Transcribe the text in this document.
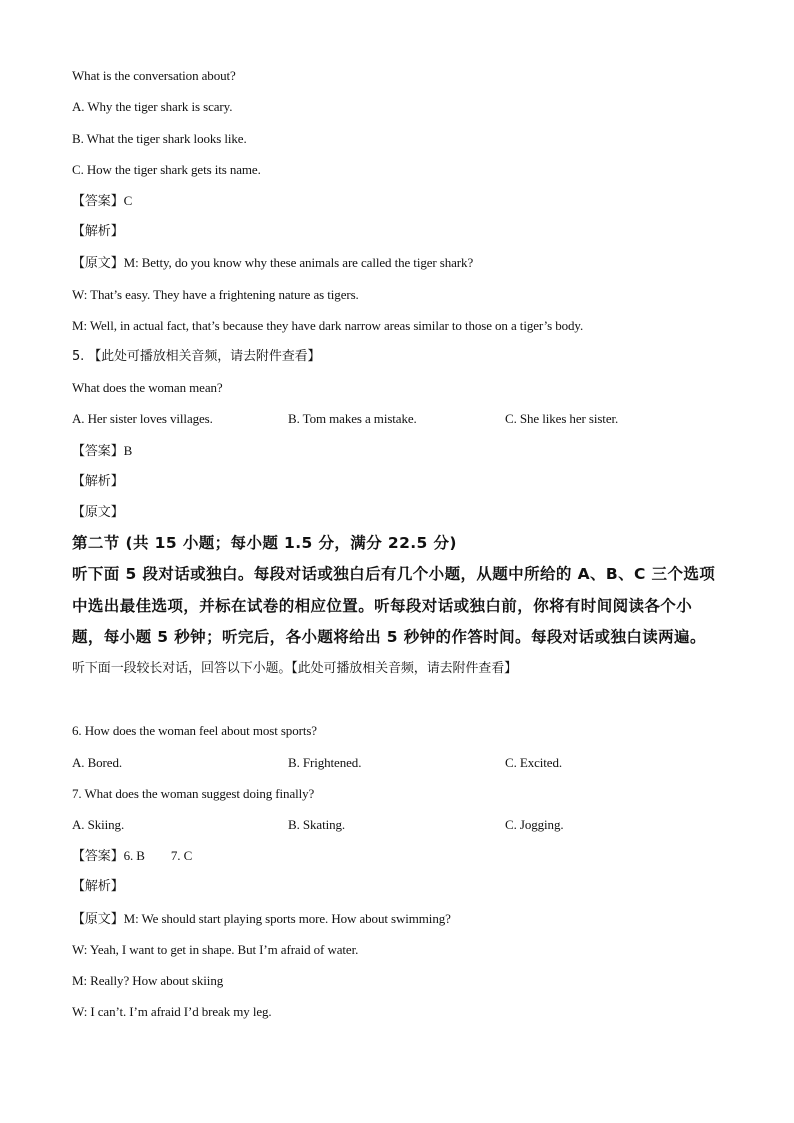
What is the conversation about?
A. Why the tiger shark is scary.
B. What the tiger shark looks like.
C. How the tiger shark gets its name.
【答案】C
【解析】
【原文】M: Betty, do you know why these animals are called the tiger shark?
W: That’s easy. They have a frightening nature as tigers.
M: Well, in actual fact, that’s because they have dark narrow areas similar to those on a tiger’s body.
5. 【此处可播放相关音频，请去附件查看】
What does the woman mean?
A. Her sister loves villages.	B. Tom makes a mistake.	C. She likes her sister.
【答案】B
【解析】
【原文】
第二节 (共 15 小题；每小题 1.5 分，满分 22.5 分)
听下面 5 段对话或独白。每段对话或独白后有几个小题，从题中所给的 A、B、C 三个选项
中选出最佳选项，并标在试卷的相应位置。听每段对话或独白前，你将有时间阅读各个小
题，每小题 5 秒钟；听完后，各小题将给出 5 秒钟的作答时间。每段对话或独白读两遍。
听下面一段较长对话，回答以下小题。【此处可播放相关音频，请去附件查看】
6. How does the woman feel about most sports?
A. Bored.	B. Frightened.	C. Excited.
7. What does the woman suggest doing finally?
A. Skiing.	B. Skating.	C. Jogging.
【答案】6. B 7. C
【解析】
【原文】M: We should start playing sports more. How about swimming?
W: Yeah, I want to get in shape. But I’m afraid of water.
M: Really? How about skiing
W: I can’t. I’m afraid I’d break my leg.
